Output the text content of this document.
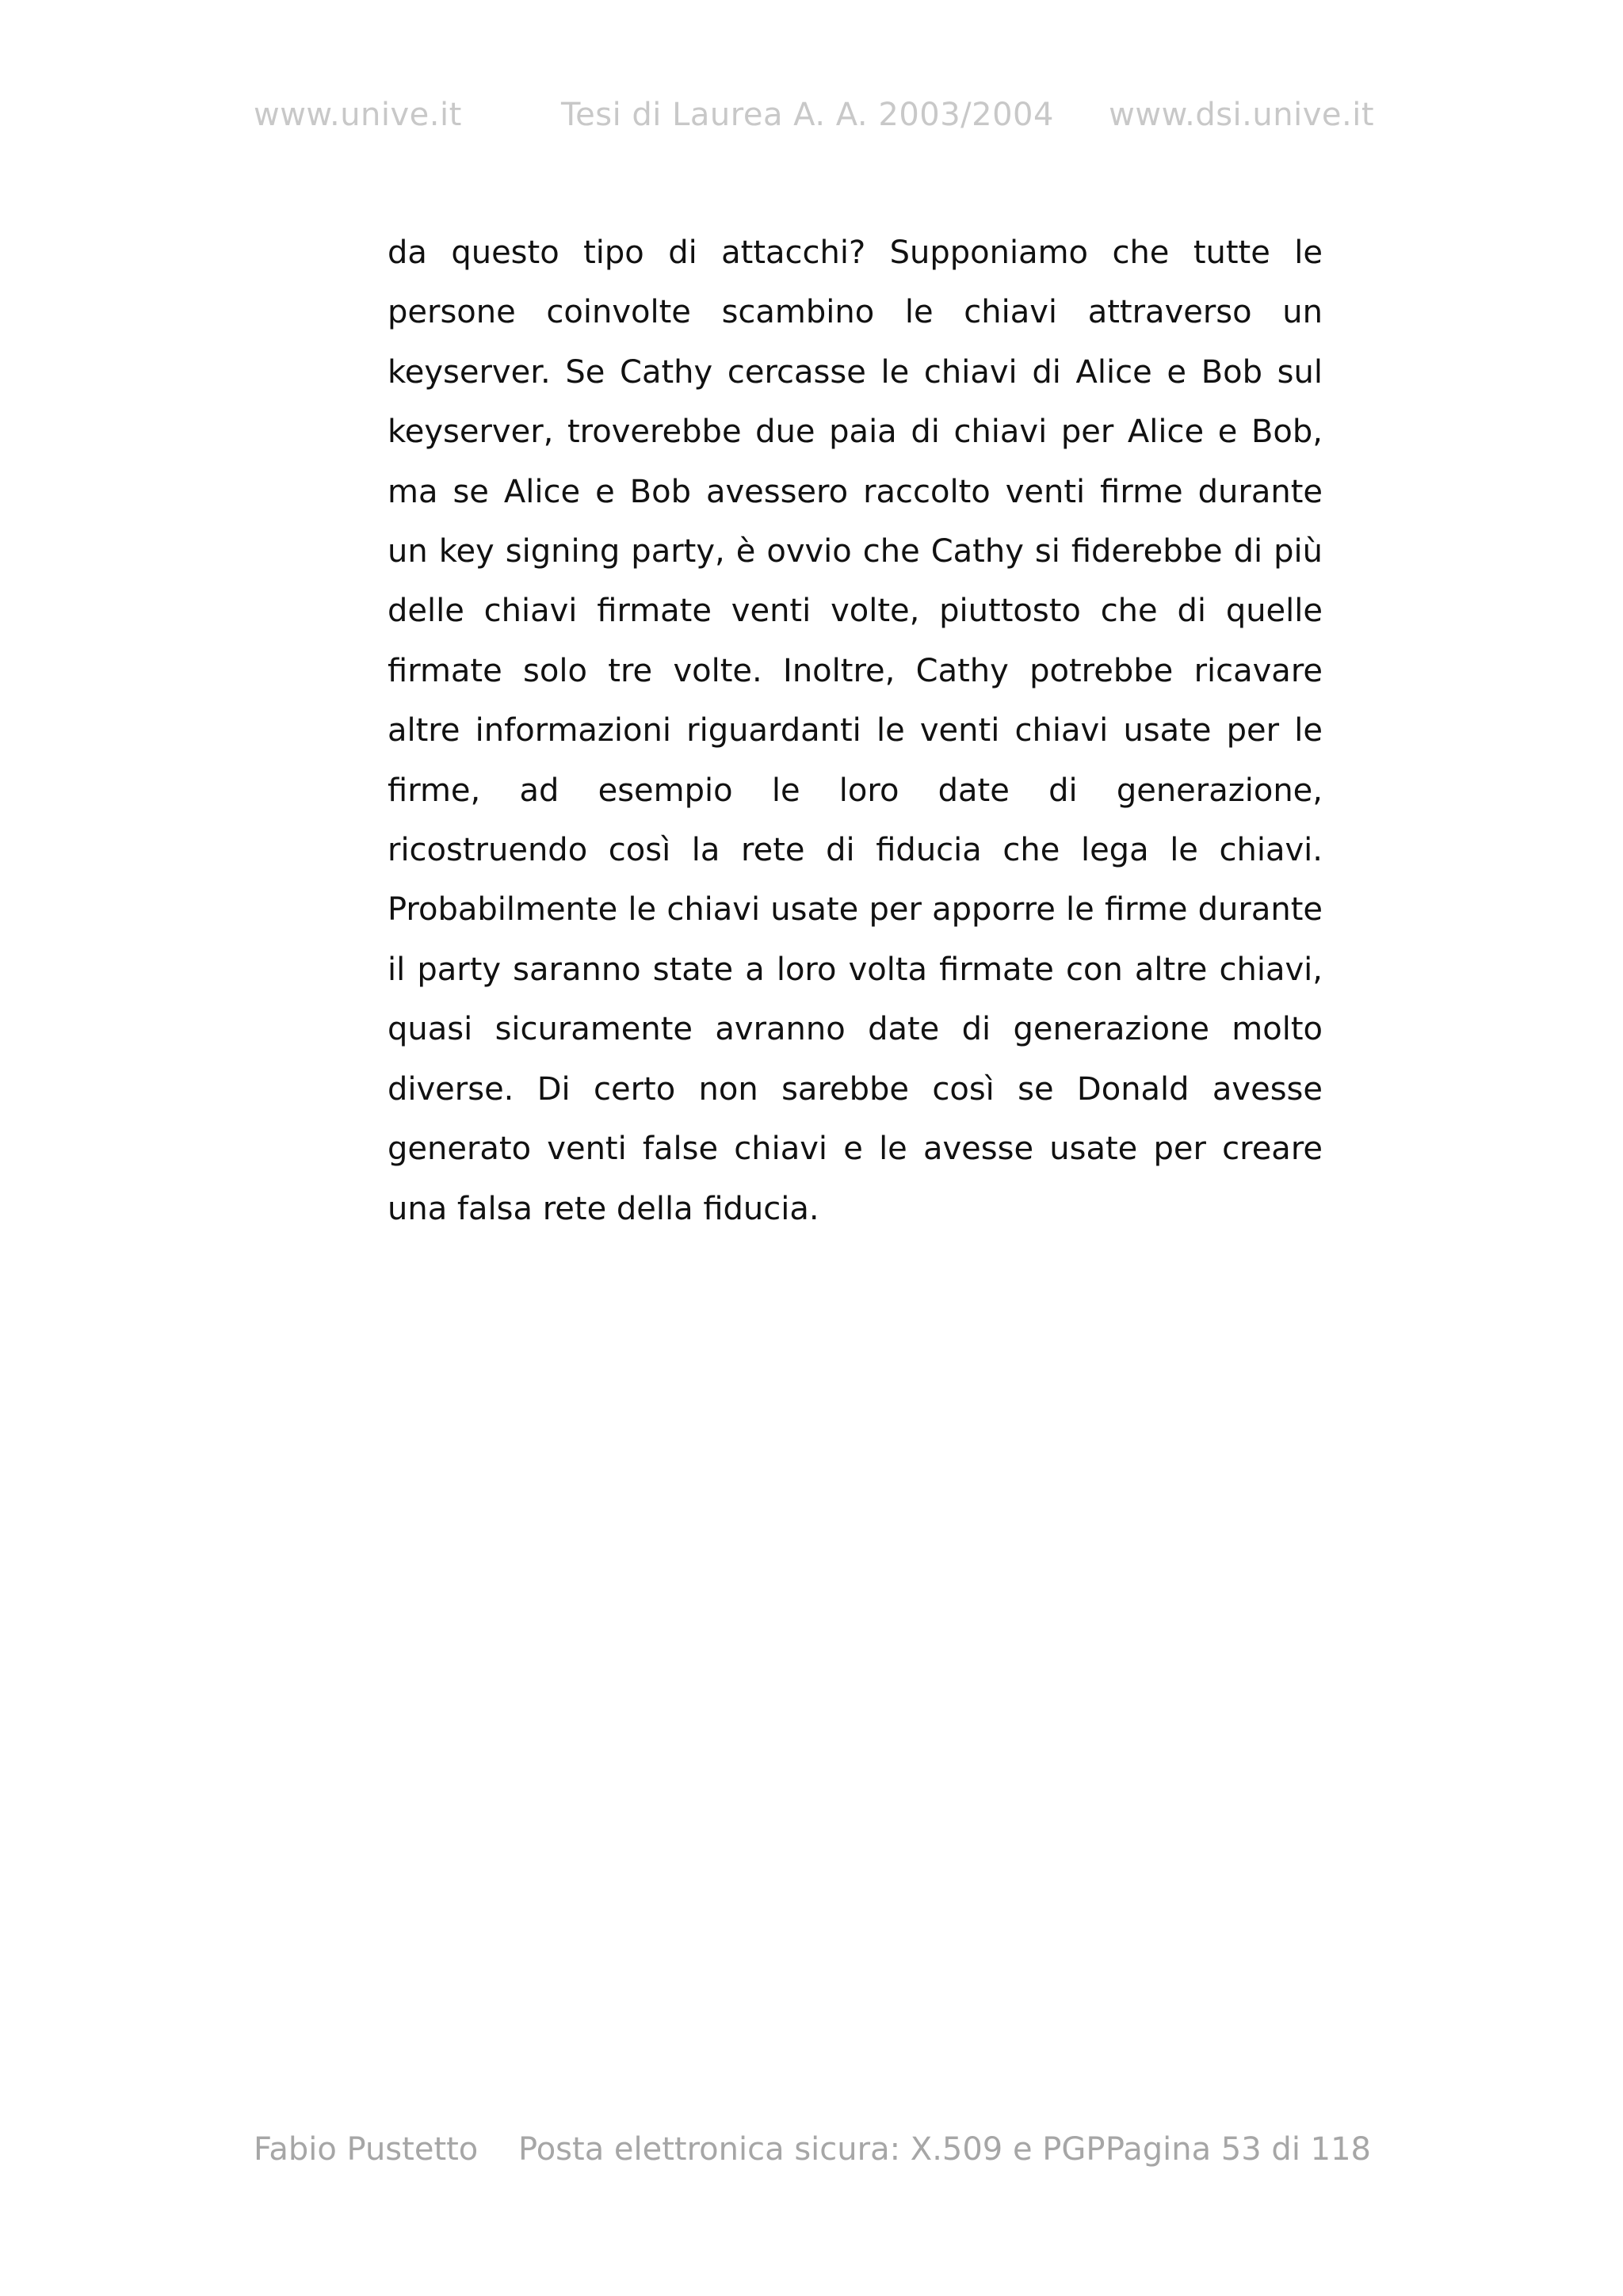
www.unive.it	Tesi di Laurea A. A. 2003/2004 www.dsi.unive.it

da questo tipo di attacchi? Supponiamo che tutte le persone coinvolte scambino le chiavi attraverso un keyserver. Se Cathy cercasse le chiavi di Alice e Bob sul keyserver, troverebbe due paia di chiavi per Alice e Bob, ma se Alice e Bob avessero raccolto venti firme durante un key signing party, è ovvio che Cathy si fiderebbe di più delle chiavi firmate venti volte, piuttosto che di quelle firmate solo tre volte. Inoltre, Cathy potrebbe ricavare altre informazioni riguardanti le venti chiavi usate per le firme, ad esempio le loro date di generazione, ricostruendo così la rete di fiducia che lega le chiavi. Probabilmente le chiavi usate per apporre le firme durante il party saranno state a loro volta firmate con altre chiavi, quasi sicuramente avranno date di generazione molto diverse. Di certo non sarebbe così se Donald avesse generato venti false chiavi e le avesse usate per creare una falsa rete della fiducia.

Fabio Pustetto Posta elettronica sicura: X.509 e PGP Pagina 53 di 118
